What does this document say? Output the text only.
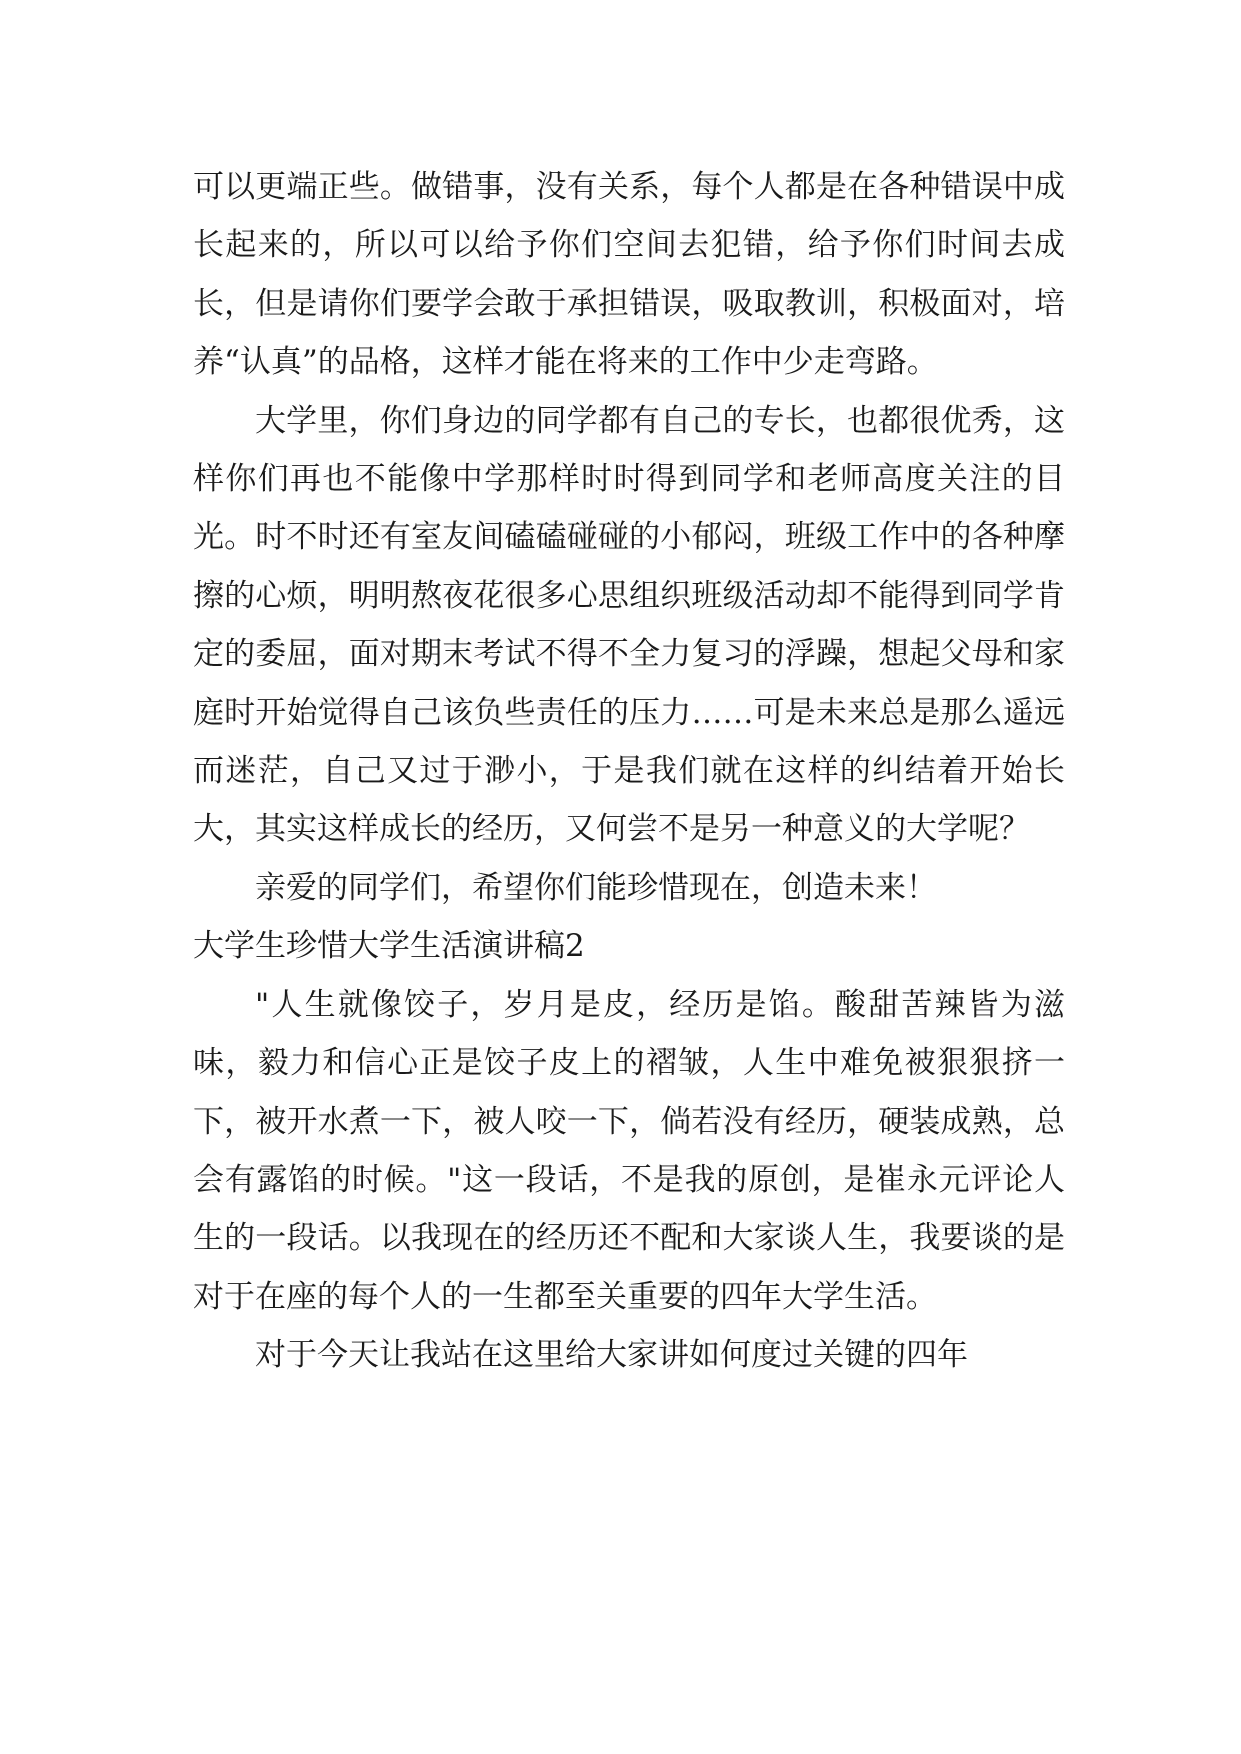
可以更端正些。做错事，没有关系，每个人都是在各种错误中成长起来的，所以可以给予你们空间去犯错，给予你们时间去成长，但是请你们要学会敢于承担错误，吸取教训，积极面对，培养“认真”的品格，这样才能在将来的工作中少走弯路。

大学里，你们身边的同学都有自己的专长，也都很优秀，这样你们再也不能像中学那样时时得到同学和老师高度关注的目光。时不时还有室友间磕磕碰碰的小郁闷，班级工作中的各种摩擦的心烦，明明熬夜花很多心思组织班级活动却不能得到同学肯定的委屈，面对期末考试不得不全力复习的浮躁，想起父母和家庭时开始觉得自己该负些责任的压力……可是未来总是那么遥远而迷茫，自己又过于渺小，于是我们就在这样的纠结着开始长大，其实这样成长的经历，又何尝不是另一种意义的大学呢？

亲爱的同学们，希望你们能珍惜现在，创造未来！

大学生珍惜大学生活演讲稿2

"人生就像饺子，岁月是皮，经历是馅。酸甜苦辣皆为滋味，毅力和信心正是饺子皮上的褶皱，人生中难免被狠狠挤一下，被开水煮一下，被人咬一下，倘若没有经历，硬装成熟，总会有露馅的时候。"这一段话，不是我的原创，是崔永元评论人生的一段话。以我现在的经历还不配和大家谈人生，我要谈的是对于在座的每个人的一生都至关重要的四年大学生活。

对于今天让我站在这里给大家讲如何度过关键的四年
